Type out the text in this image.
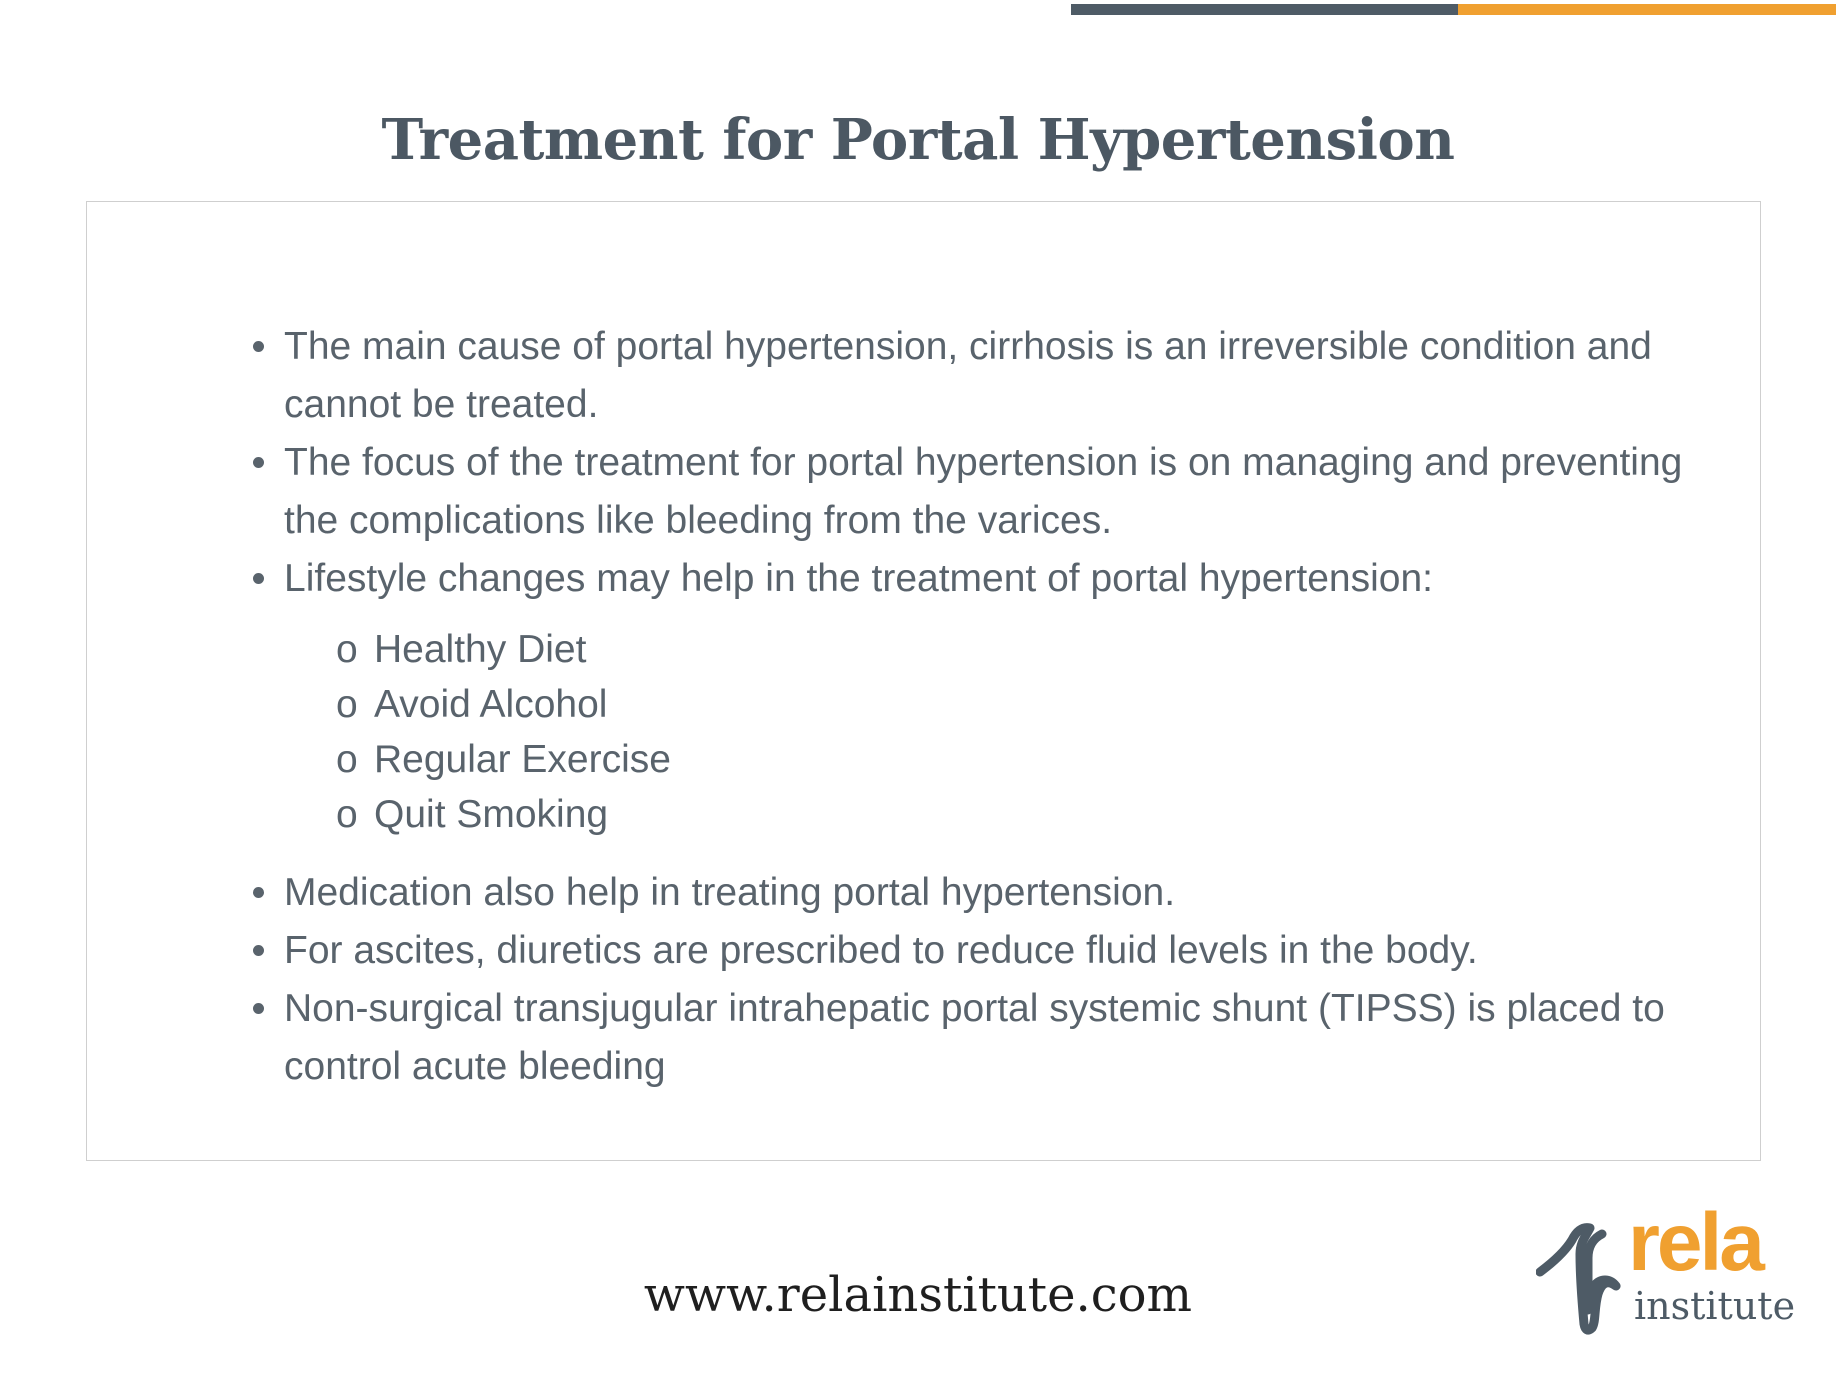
Treatment for Portal Hypertension
The main cause of portal hypertension, cirrhosis is an irreversible condition and cannot be treated.
The focus of the treatment for portal hypertension is on managing and preventing the complications like bleeding from the varices.
Lifestyle changes may help in the treatment of portal hypertension:
o Healthy Diet
o Avoid Alcohol
o Regular Exercise
o Quit Smoking
Medication also help in treating portal hypertension.
For ascites, diuretics are prescribed to reduce fluid levels in the body.
Non-surgical transjugular intrahepatic portal systemic shunt (TIPSS) is placed to control acute bleeding
www.relainstitute.com
rela
institute
